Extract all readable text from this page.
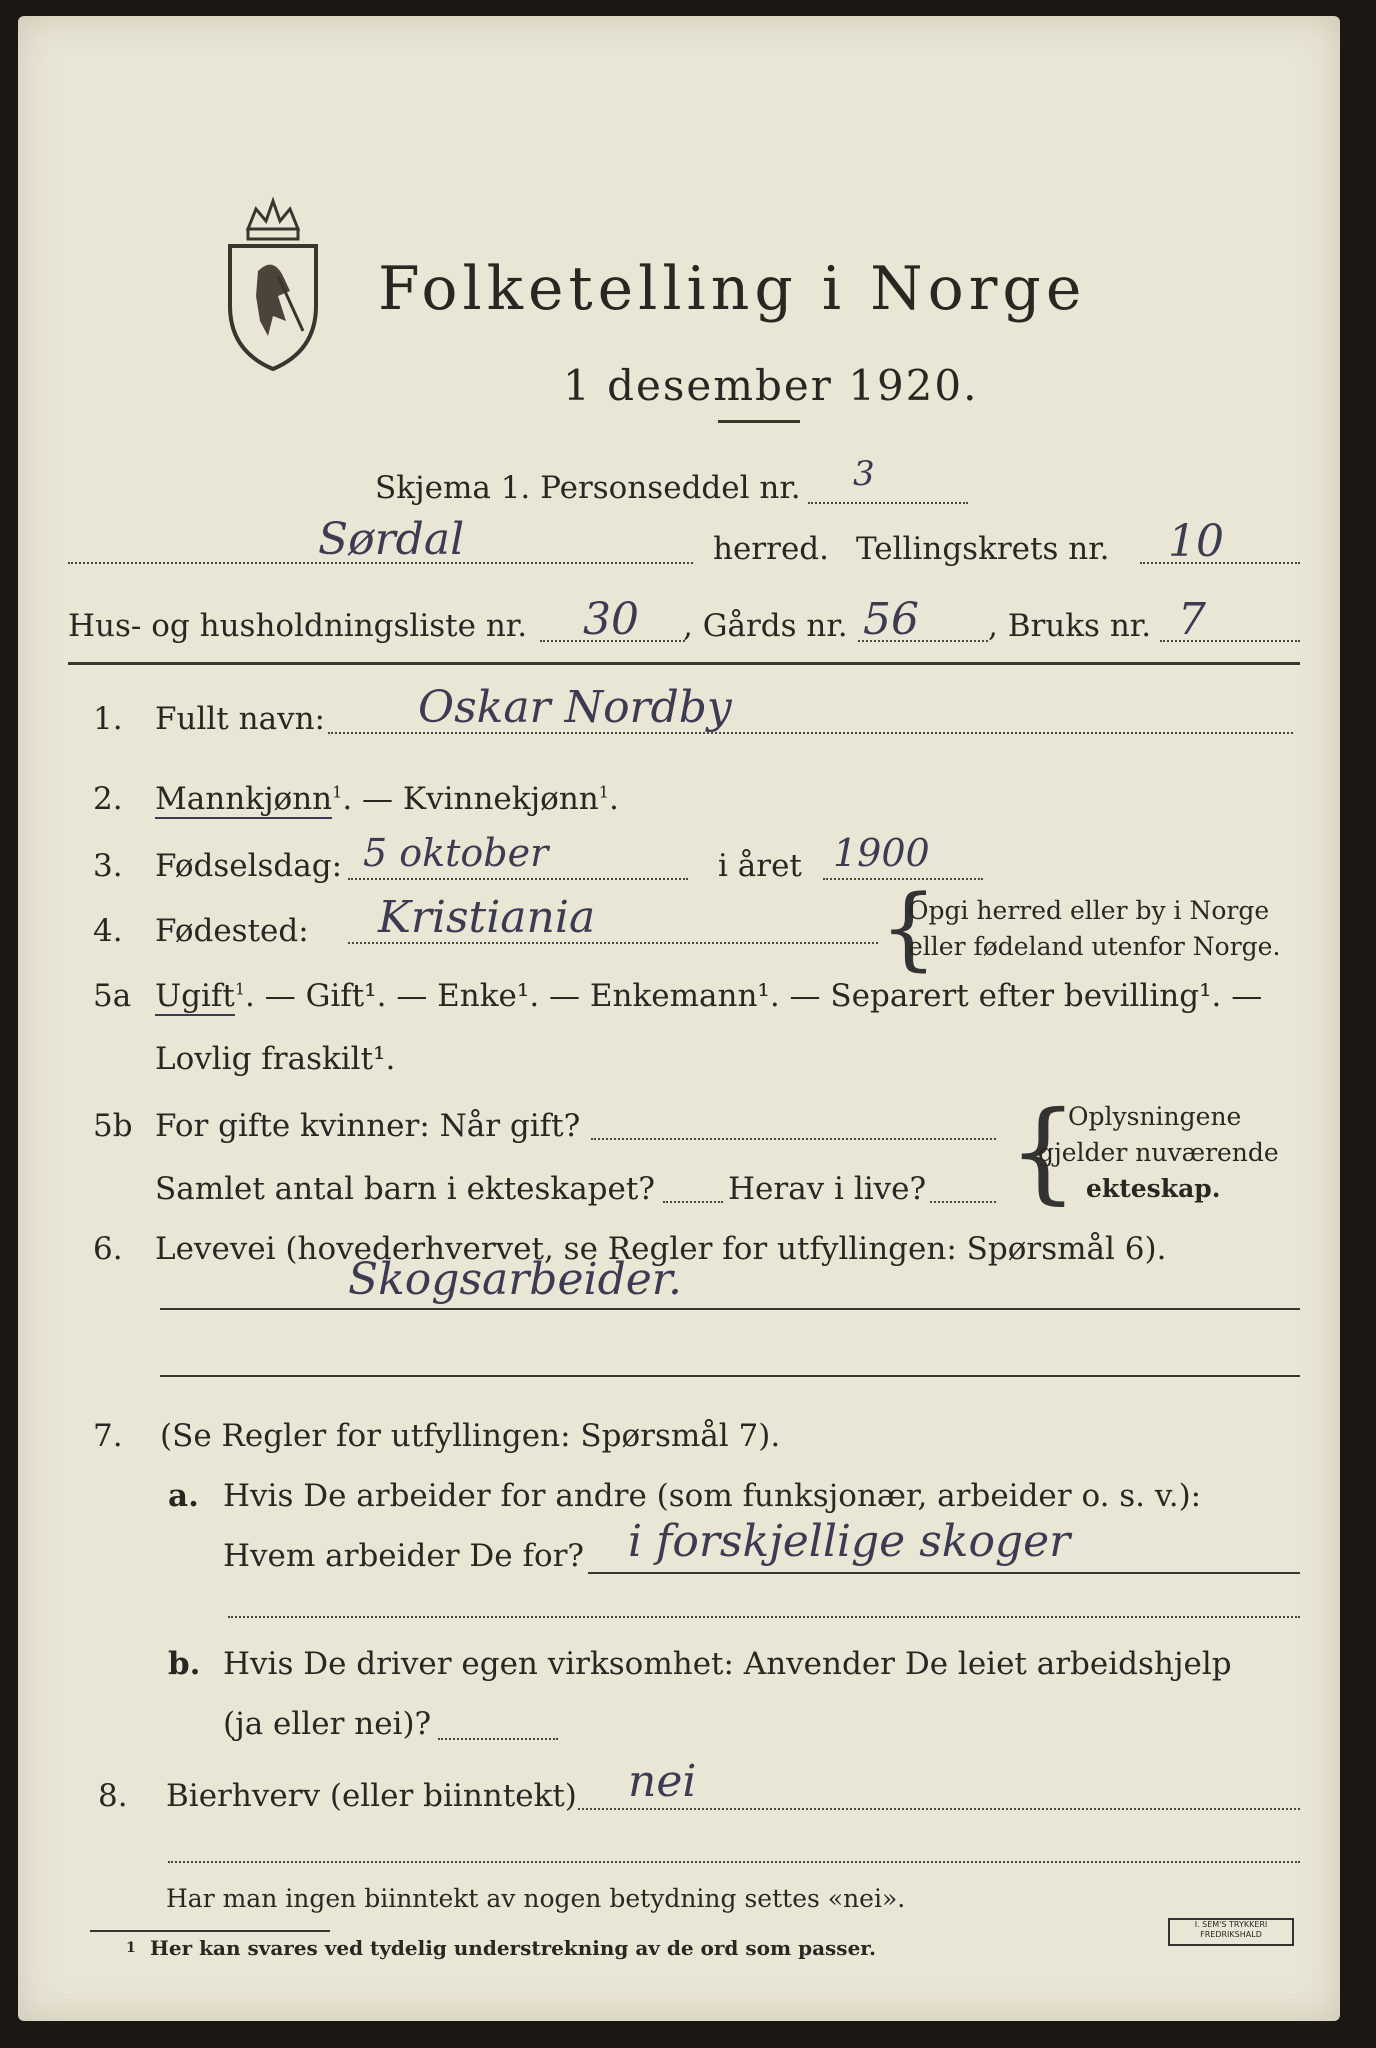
Folketelling i Norge
1 desember 1920.
Skjema 1. Personseddel nr. 3
Sørdal	herred. Tellingskrets nr. 10
Hus- og husholdningsliste nr. 30 , Gårds nr. 56 , Bruks nr. 7
1. Fullt navn: Oskar Nordby
2. Mannkjønn$^1$. — Kvinnekjønn$^1$.
3. Fødselsdag: 5 oktober	i året 1900
4. Fødested: Kristiania	{
Opgi herred eller by i Norge
eller fødeland utenfor Norge.
5a Ugift$^1$. — Gift¹. — Enke¹. — Enkemann¹. — Separert efter bevilling¹. —
Lovlig fraskilt¹.
5b For gifte kvinner: Når gift?
Samlet antal barn i ekteskapet? Herav i live? {
Oplysningene
gjelder nuværende
ekteskap.
6. Levevei (hovederhvervet, se Regler for utfyllingen: Spørsmål 6).
Skogsarbeider.
7. (Se Regler for utfyllingen: Spørsmål 7).
a. Hvis De arbeider for andre (som funksjonær, arbeider o. s. v.):
Hvem arbeider De for? i forskjellige skoger
b. Hvis De driver egen virksomhet: Anvender De leiet arbeidshjelp
(ja eller nei)?
8. Bierhverv (eller biinntekt) nei
Har man ingen biinntekt av nogen betydning settes «nei».
1 Her kan svares ved tydelig understrekning av de ord som passer.
I. SEM'S TRYKKERI FREDRIKSHALD
